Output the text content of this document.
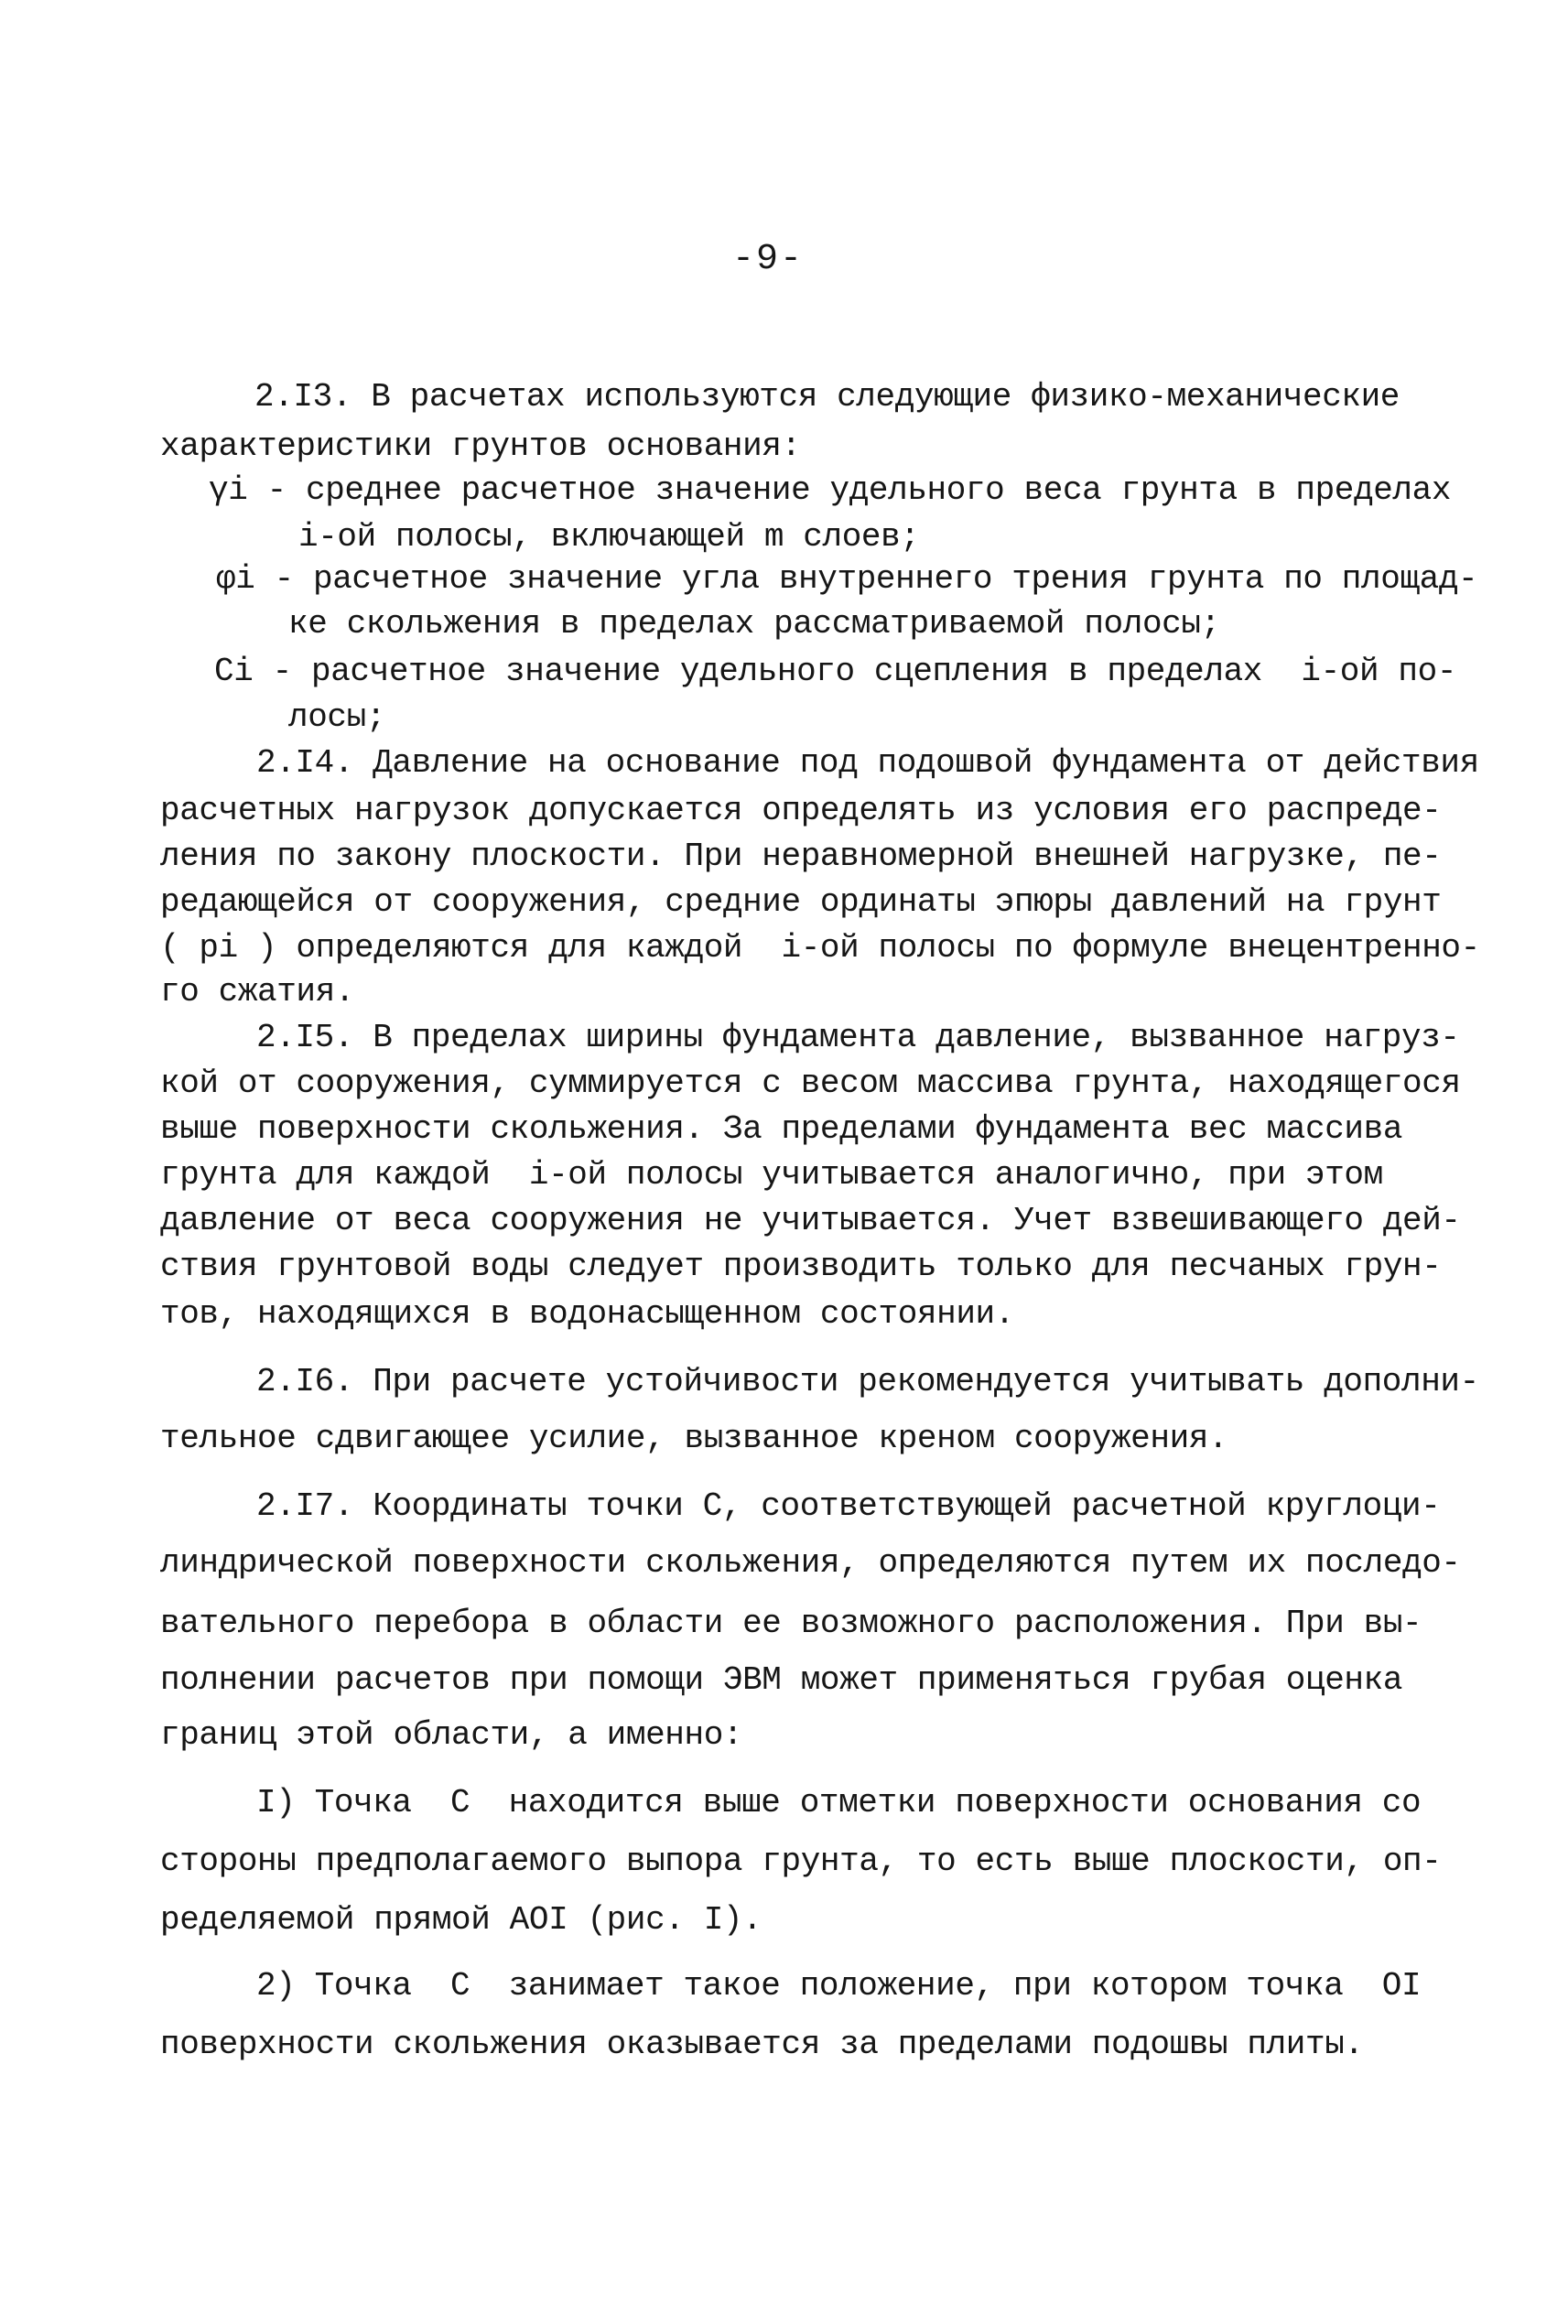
-9-
2.I3. В расчетах используются следующие физико-механические
характеристики грунтов основания:
γi - среднее расчетное значение удельного веса грунта в пределах
i-ой полосы, включающей m слоев;
φi - расчетное значение угла внутреннего трения грунта по площад-
ке скольжения в пределах рассматриваемой полосы;
Ci - расчетное значение удельного сцепления в пределах  i-ой по-
лосы;
2.I4. Давление на основание под подошвой фундамента от действия
расчетных нагрузок допускается определять из условия его распреде-
ления по закону плоскости. При неравномерной внешней нагрузке, пе-
редающейся от сооружения, средние ординаты эпюры давлений на грунт
( pi ) определяются для каждой  i-ой полосы по формуле внецентренно-
го сжатия.
2.I5. В пределах ширины фундамента давление, вызванное нагруз-
кой от сооружения, суммируется с весом массива грунта, находящегося
выше поверхности скольжения. За пределами фундамента вес массива
грунта для каждой  i-ой полосы учитывается аналогично, при этом
давление от веса сооружения не учитывается. Учет взвешивающего дей-
ствия грунтовой воды следует производить только для песчаных грун-
тов, находящихся в водонасыщенном состоянии.
2.I6. При расчете устойчивости рекомендуется учитывать дополни-
тельное сдвигающее усилие, вызванное креном сооружения.
2.I7. Координаты точки С, соответствующей расчетной круглоци-
линдрической поверхности скольжения, определяются путем их последо-
вательного перебора в области ее возможного расположения. При вы-
полнении расчетов при помощи ЭВМ может применяться грубая оценка
границ этой области, а именно:
I) Точка  С  находится выше отметки поверхности основания со
стороны предполагаемого выпора грунта, то есть выше плоскости, оп-
ределяемой прямой АОI (рис. I).
2) Точка  С  занимает такое положение, при котором точка  ОI
поверхности скольжения оказывается за пределами подошвы плиты.
